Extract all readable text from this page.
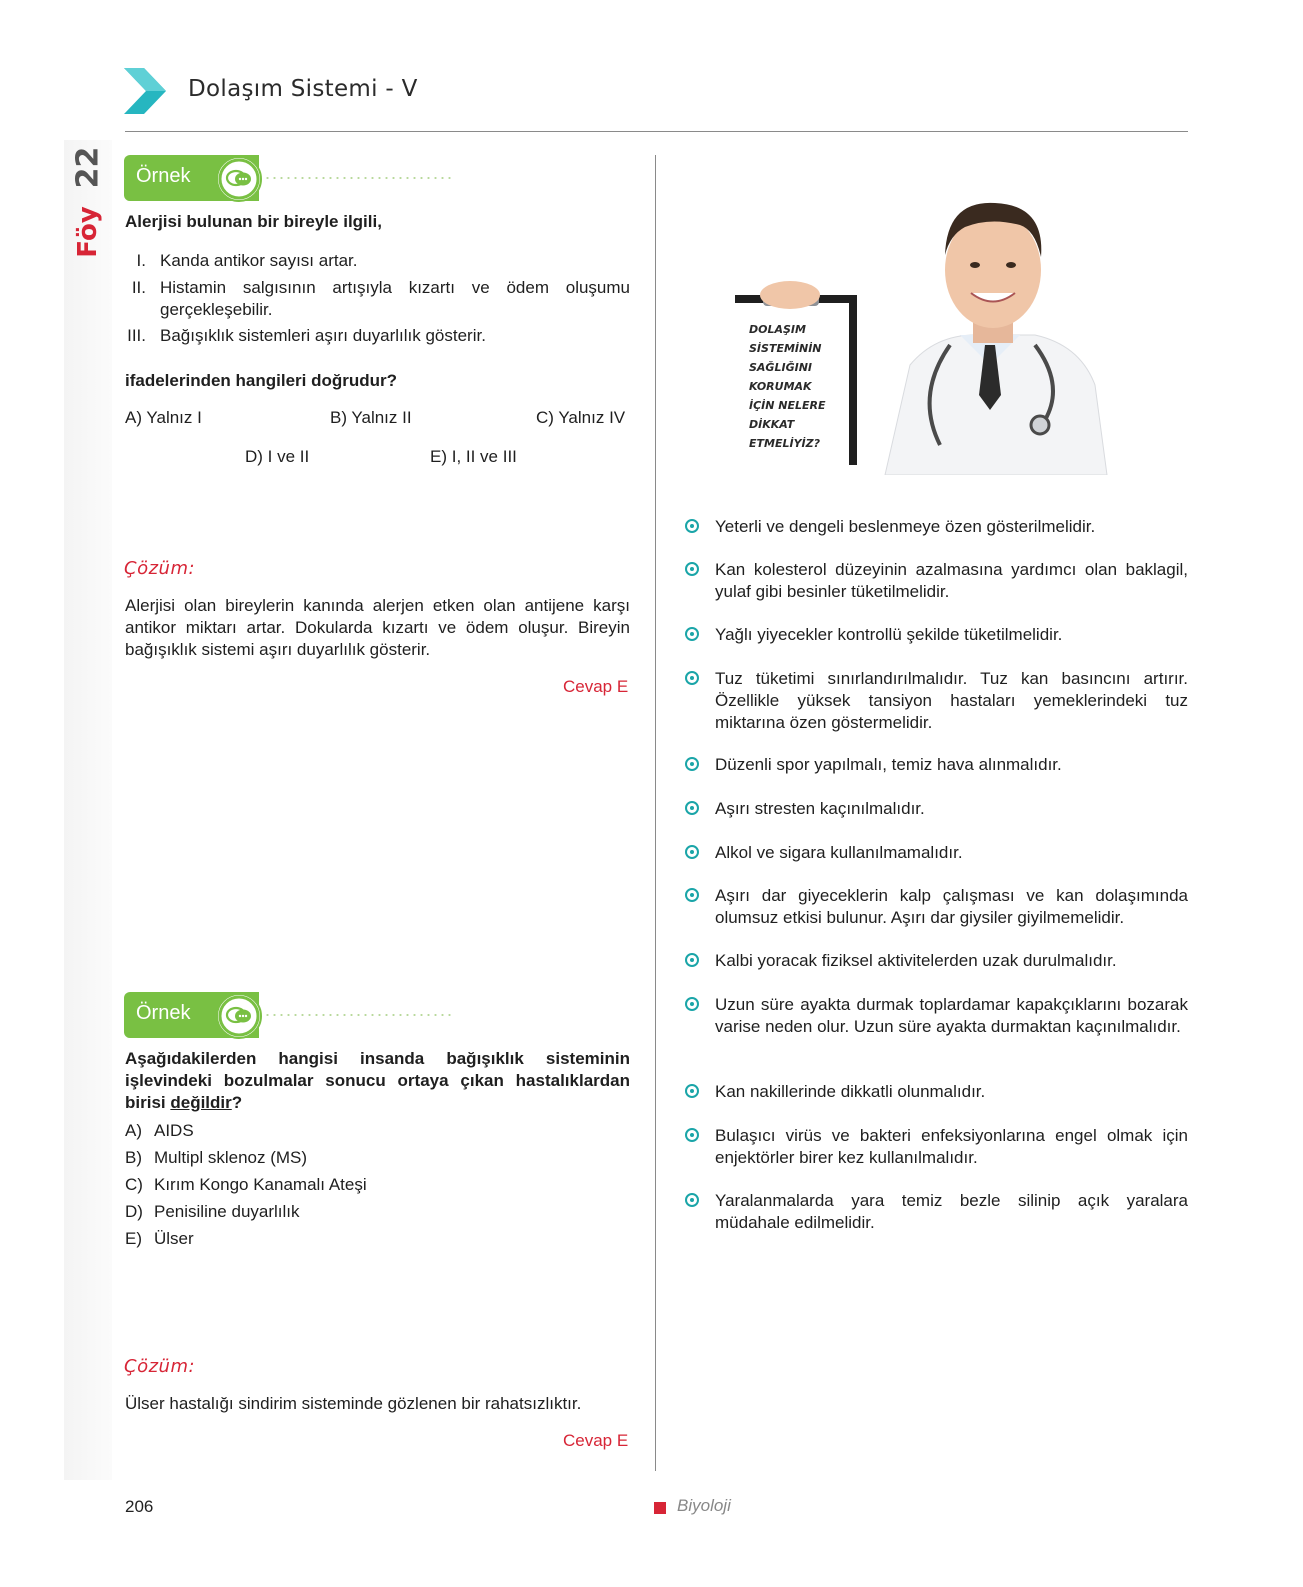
Dolaşım Sistemi - V
22
Föy
Örnek
Alerjisi bulunan bir bireyle ilgili,
I. Kanda antikor sayısı artar.
II. Histamin salgısının artışıyla kızartı ve ödem oluşumu gerçekleşebilir.
III. Bağışıklık sistemleri aşırı duyarlılık gösterir.
ifadelerinden hangileri doğrudur?
A) Yalnız I	B) Yalnız II	C) Yalnız IV
D) I ve II	E) I, II ve III
Çözüm:
Alerjisi olan bireylerin kanında alerjen etken olan antijene karşı antikor miktarı artar. Dokularda kızartı ve ödem oluşur. Bireyin bağışıklık sistemi aşırı duyarlılık gösterir.
Cevap E
Örnek
Aşağıdakilerden hangisi insanda bağışıklık sisteminin işlevindeki bozulmalar sonucu ortaya çıkan hastalıklardan birisi değildir?
A) AIDS
B) Multipl sklenoz (MS)
C) Kırım Kongo Kanamalı Ateşi
D) Penisiline duyarlılık
E) Ülser
Çözüm:
Ülser hastalığı sindirim sisteminde gözlenen bir rahatsızlıktır.
Cevap E
DOLAŞIM SİSTEMİNİN SAĞLIĞINI KORUMAK İÇİN NELERE DİKKAT ETMELİYİZ?
Yeterli ve dengeli beslenmeye özen gösterilmelidir.
Kan kolesterol düzeyinin azalmasına yardımcı olan baklagil, yulaf gibi besinler tüketilmelidir.
Yağlı yiyecekler kontrollü şekilde tüketilmelidir.
Tuz tüketimi sınırlandırılmalıdır. Tuz kan basıncını artırır. Özellikle yüksek tansiyon hastaları yemeklerindeki tuz miktarına özen göstermelidir.
Düzenli spor yapılmalı, temiz hava alınmalıdır.
Aşırı stresten kaçınılmalıdır.
Alkol ve sigara kullanılmamalıdır.
Aşırı dar giyeceklerin kalp çalışması ve kan dolaşımında olumsuz etkisi bulunur. Aşırı dar giysiler giyilmemelidir.
Kalbi yoracak fiziksel aktivitelerden uzak durulmalıdır.
Uzun süre ayakta durmak toplardamar kapakçıklarını bozarak varise neden olur. Uzun süre ayakta durmaktan kaçınılmalıdır.
Kan nakillerinde dikkatli olunmalıdır.
Bulaşıcı virüs ve bakteri enfeksiyonlarına engel olmak için enjektörler birer kez kullanılmalıdır.
Yaralanmalarda yara temiz bezle silinip açık yaralara müdahale edilmelidir.
206	Biyoloji
